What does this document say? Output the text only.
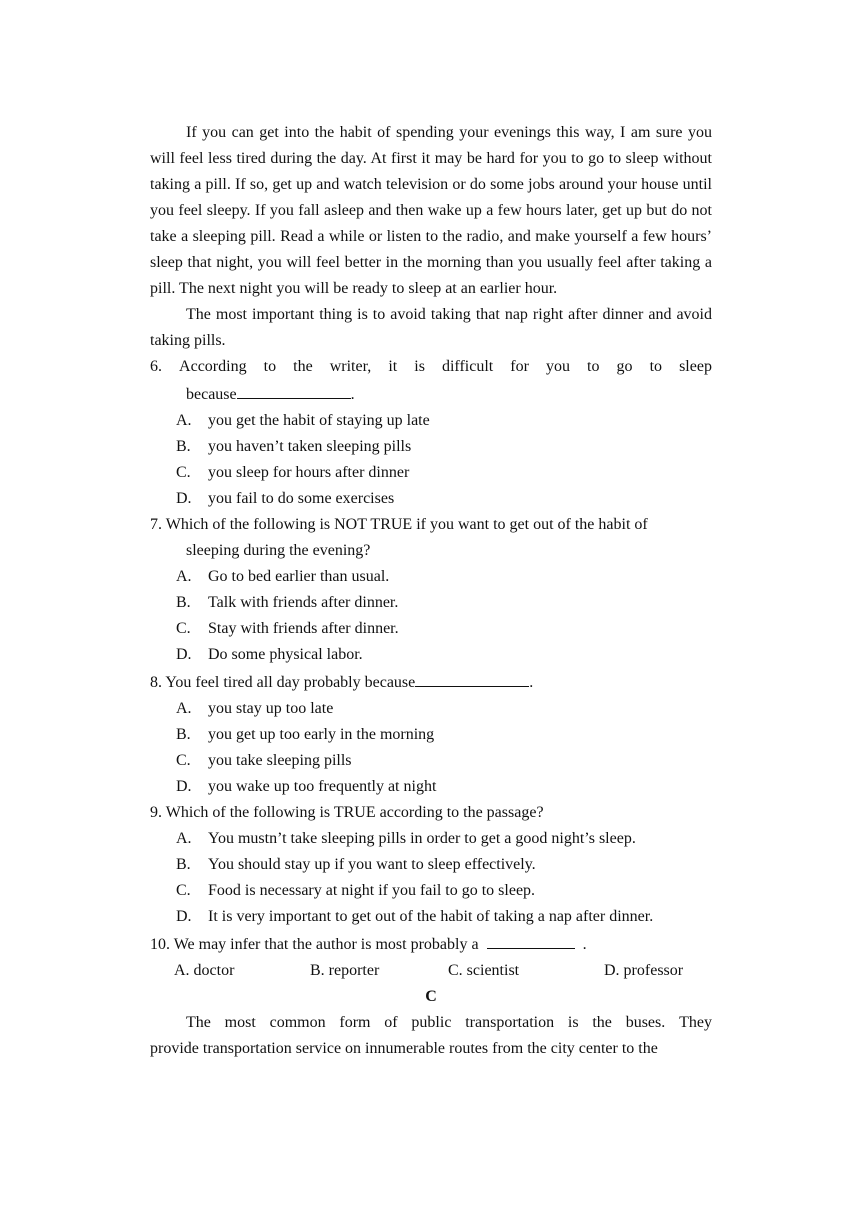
If you can get into the habit of spending your evenings this way, I am sure you will feel less tired during the day. At first it may be hard for you to go to sleep without taking a pill. If so, get up and watch television or do some jobs around your house until you feel sleepy. If you fall asleep and then wake up a few hours later, get up but do not take a sleeping pill. Read a while or listen to the radio, and make yourself a few hours’ sleep that night, you will feel better in the morning than you usually feel after taking a pill. The next night you will be ready to sleep at an earlier hour.

The most important thing is to avoid taking that nap right after dinner and avoid taking pills.

6. According to the writer, it is difficult for you to go to sleep
because	.
A.	you get the habit of staying up late
B.	you haven’t taken sleeping pills
C.	you sleep for hours after dinner
D.	you fail to do some exercises
7. Which of the following is NOT TRUE if you want to get out of the habit of
sleeping during the evening?
A.	Go to bed earlier than usual.
B.	Talk with friends after dinner.
C.	Stay with friends after dinner.
D.	Do some physical labor.
8. You feel tired all day probably because	.
A.	you stay up too late
B.	you get up too early in the morning
C.	you take sleeping pills
D.	you wake up too frequently at night
9. Which of the following is TRUE according to the passage?
A.	You mustn’t take sleeping pills in order to get a good night’s sleep.
B.	You should stay up if you want to sleep effectively.
C.	Food is necessary at night if you fail to go to sleep.
D.	It is very important to get out of the habit of taking a nap after dinner.
10. We may infer that the author is most probably a	.
A. doctor	B. reporter	C. scientist	D. professor

C

The most common form of public transportation is the buses. They
provide transportation service on innumerable routes from the city center to the
